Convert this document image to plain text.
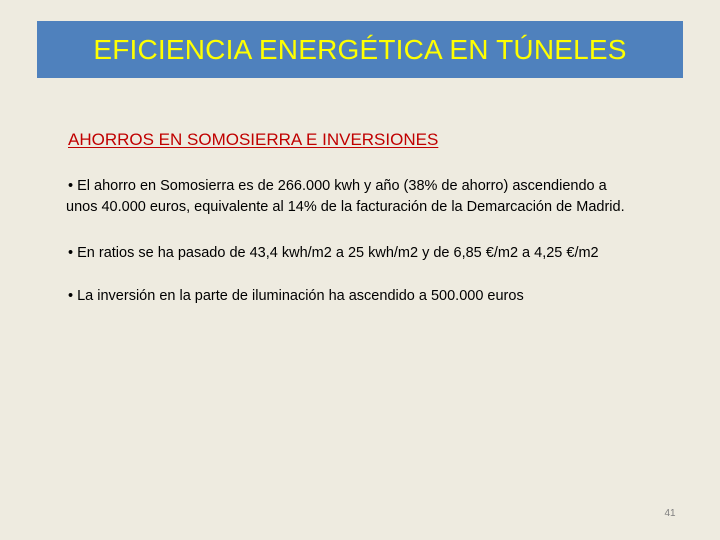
EFICIENCIA ENERGÉTICA EN TÚNELES
AHORROS EN SOMOSIERRA E INVERSIONES

• El ahorro en Somosierra es de 266.000 kwh y año (38% de ahorro) ascendiendo a
unos 40.000 euros, equivalente al 14% de la facturación de la Demarcación de Madrid.

• En ratios se ha pasado de 43,4 kwh/m2 a 25 kwh/m2 y de 6,85 €/m2 a 4,25 €/m2

• La inversión en la parte de iluminación ha ascendido a 500.000 euros

41
